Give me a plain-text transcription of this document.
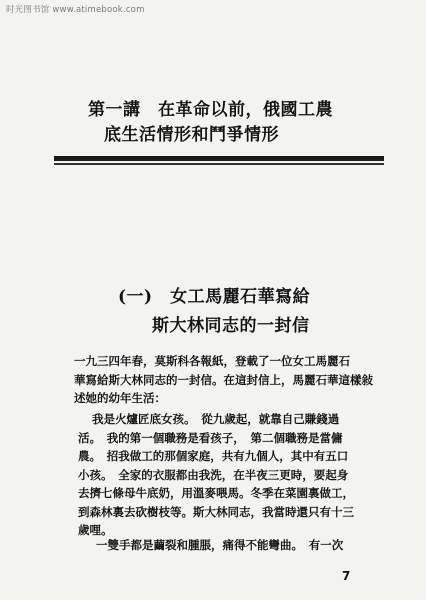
时光图书馆 www.atimebook.com
第一講　在革命以前，俄國工農
底生活情形和鬥爭情形
(一)　女工馬麗石華寫給
斯大林同志的一封信
一九三四年春，莫斯科各報紙，登載了一位女工馬麗石
華寫給斯大林同志的一封信。在這封信上，馬麗石華這樣敍
述她的幼年生活：
我是火爐匠底女孩。　從九歲起，就靠自己賺錢過
活。　我的第一個職務是看孩子，　第二個職務是當傭
農。　招我做工的那個家庭，共有九個人，其中有五口
小孩。　全家的衣服都由我洗，在半夜三更時，要起身
去擠七條母牛底奶，用溫麥喂馬。冬季在菜園裏做工，
到森林裏去砍樹枝等。斯大林同志，我當時還只有十三
歲哩。
一雙手都是繭裂和腫脹，痛得不能彎曲。　有一次
7
